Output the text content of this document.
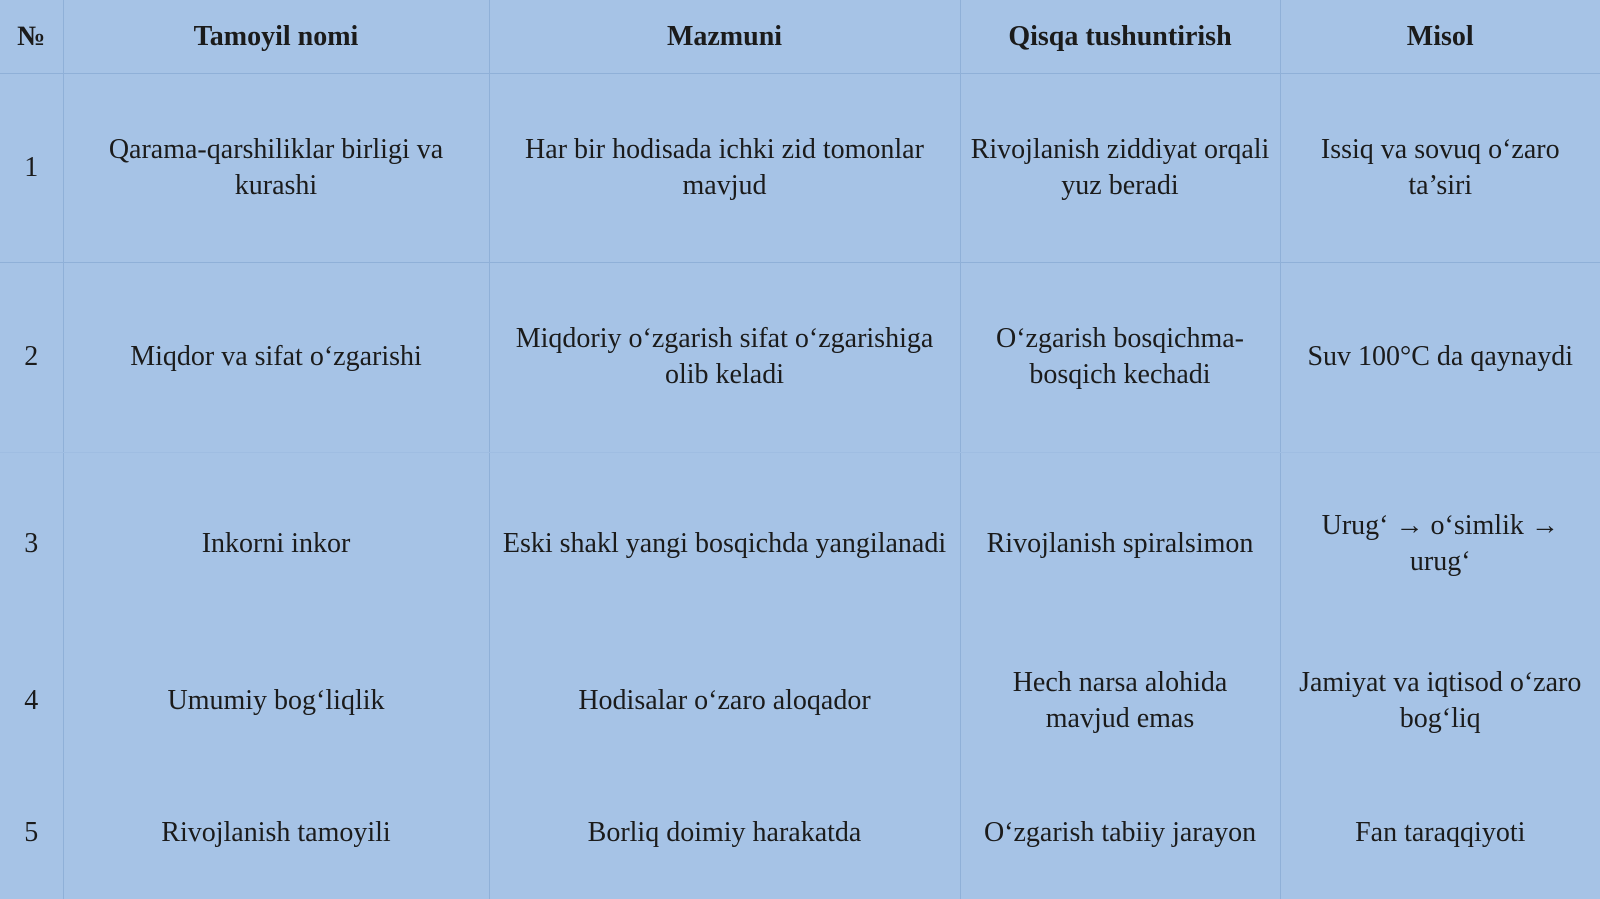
№	Tamoyil nomi	Mazmuni	Qisqa tushuntirish	Misol
1	Qarama-qarshiliklar birligi va kurashi	Har bir hodisada ichki zid tomonlar mavjud	Rivojlanish ziddiyat orqali yuz beradi	Issiq va sovuq o‘zaro ta’siri
2	Miqdor va sifat o‘zgarishi	Miqdoriy o‘zgarish sifat o‘zgarishiga olib keladi	O‘zgarish bosqichma-bosqich kechadi	Suv 100°C da qaynaydi
3	Inkorni inkor	Eski shakl yangi bosqichda yangilanadi	Rivojlanish spiralsimon	Urug‘ → o‘simlik → urug‘
4	Umumiy bog‘liqlik	Hodisalar o‘zaro aloqador	Hech narsa alohida mavjud emas	Jamiyat va iqtisod o‘zaro bog‘liq
5	Rivojlanish tamoyili	Borliq doimiy harakatda	O‘zgarish tabiiy jarayon	Fan taraqqiyoti
